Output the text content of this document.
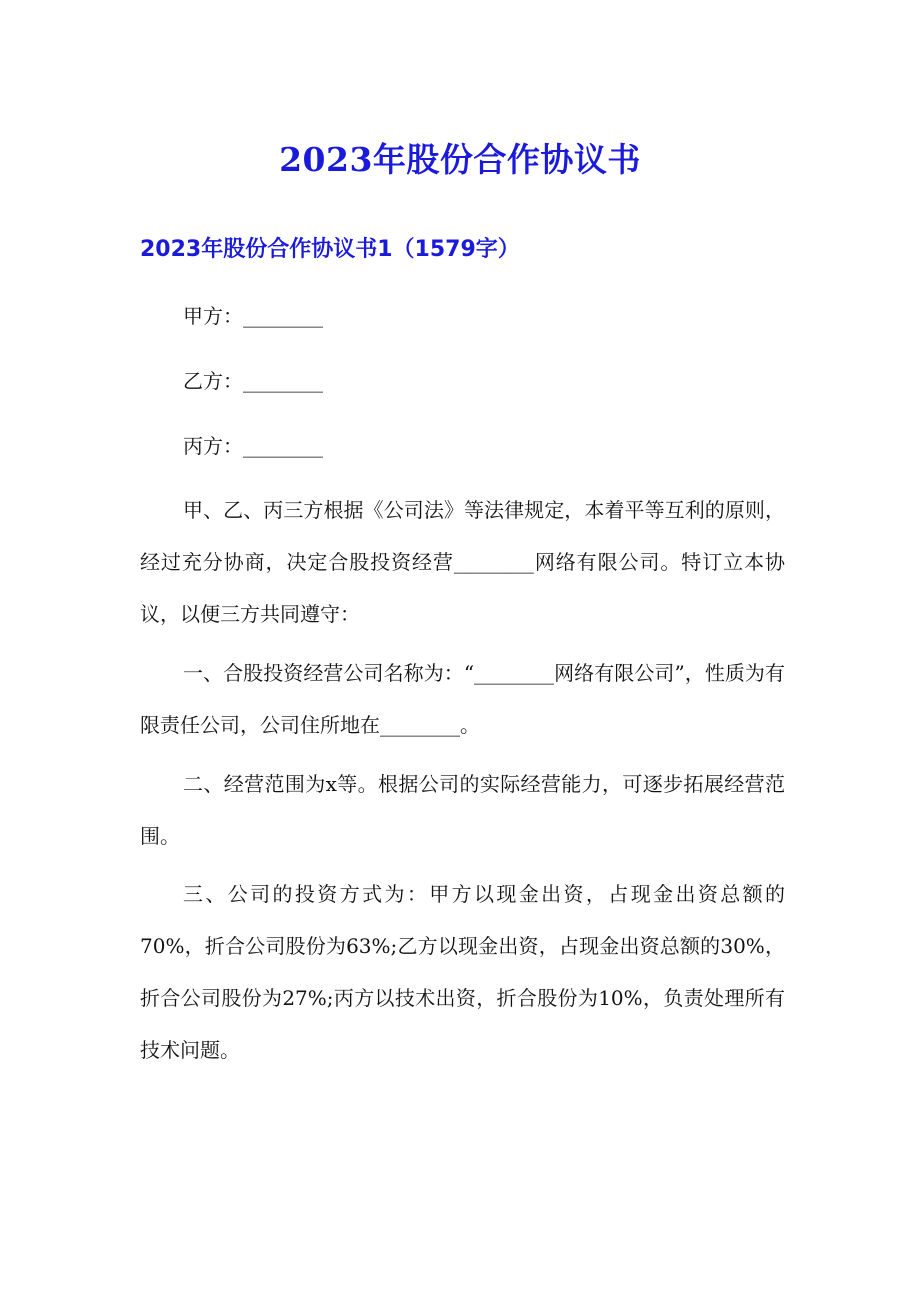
2023年股份合作协议书
2023年股份合作协议书1（1579字）
甲方：________
乙方：________
丙方：________
甲、乙、丙三方根据《公司法》等法律规定，本着平等互利的原则，经过充分协商，决定合股投资经营________网络有限公司。特订立本协议，以便三方共同遵守：
一、合股投资经营公司名称为：“________网络有限公司”，性质为有限责任公司，公司住所地在________。
二、经营范围为x等。根据公司的实际经营能力，可逐步拓展经营范围。
三、公司的投资方式为：甲方以现金出资，占现金出资总额的70%，折合公司股份为63%;乙方以现金出资，占现金出资总额的30%，折合公司股份为27%;丙方以技术出资，折合股份为10%，负责处理所有技术问题。
